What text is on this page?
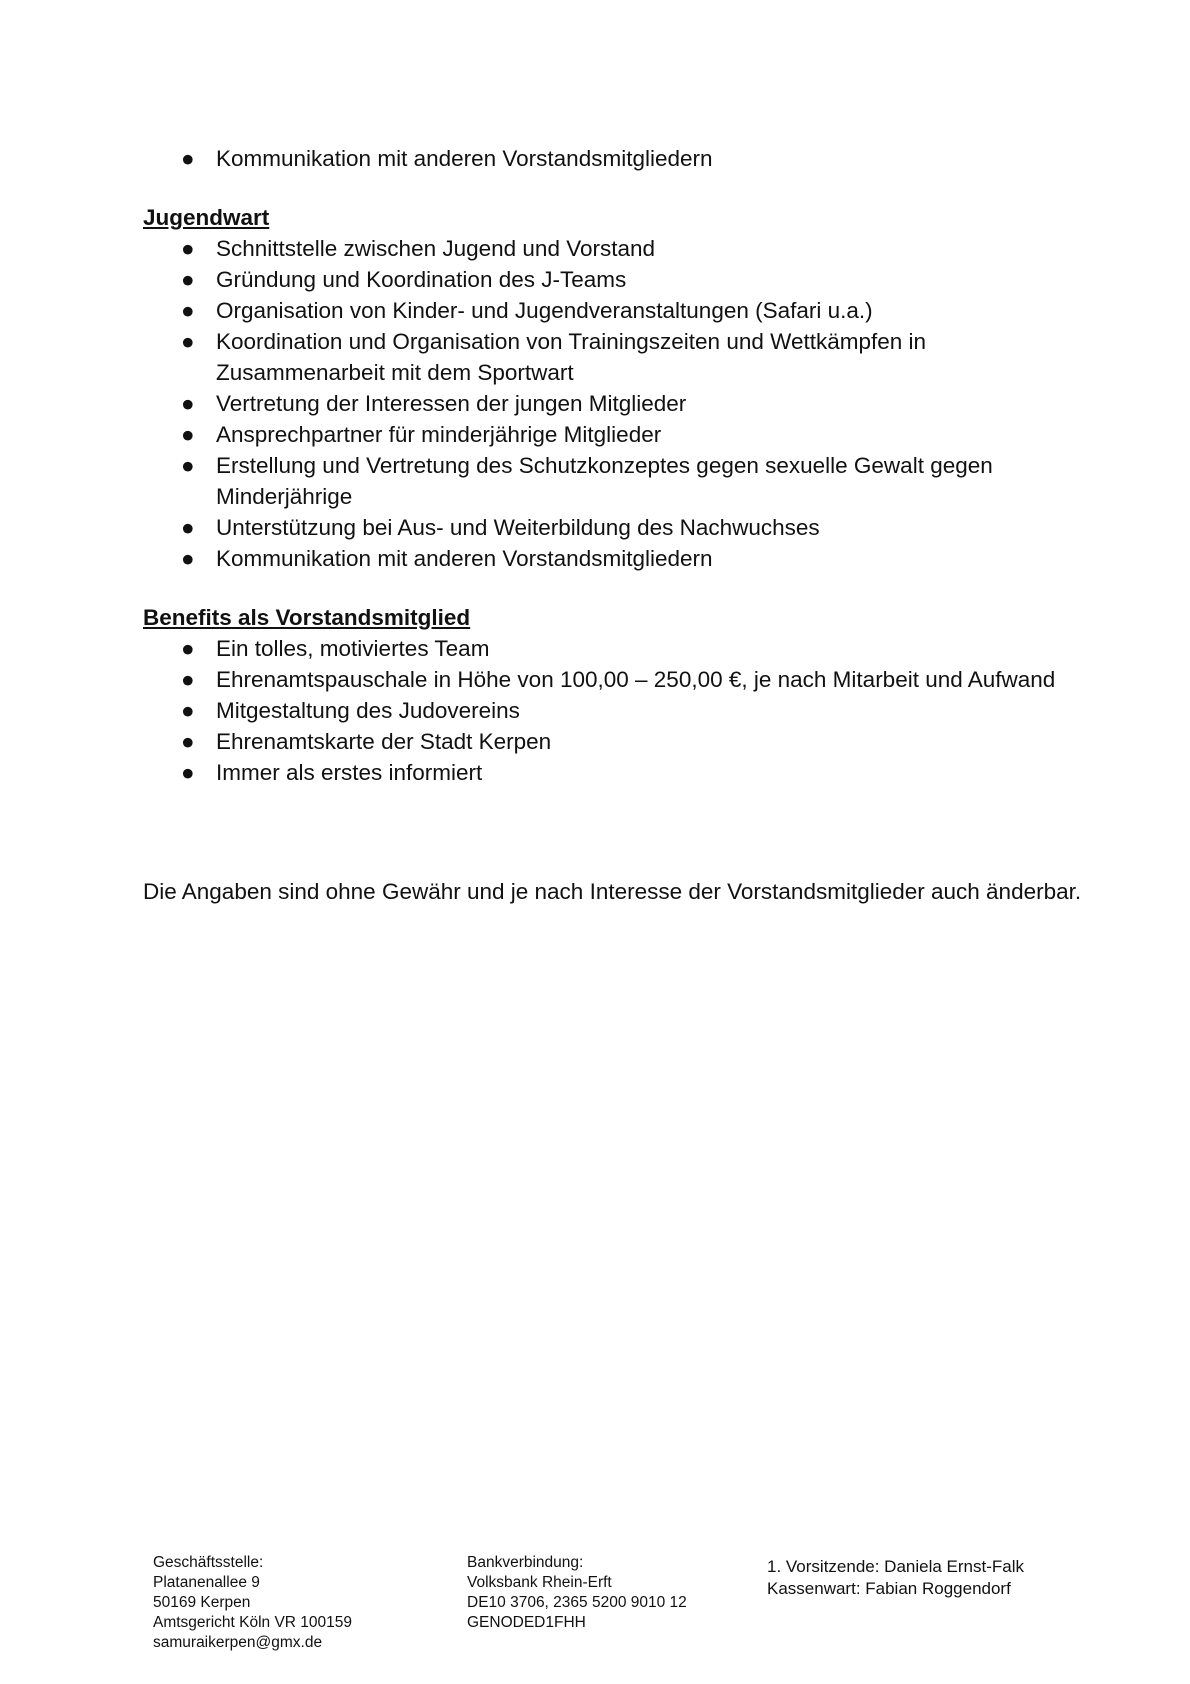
● Kommunikation mit anderen Vorstandsmitgliedern
Jugendwart
● Schnittstelle zwischen Jugend und Vorstand
● Gründung und Koordination des J-Teams
● Organisation von Kinder- und Jugendveranstaltungen (Safari u.a.)
● Koordination und Organisation von Trainingszeiten und Wettkämpfen in Zusammenarbeit mit dem Sportwart
● Vertretung der Interessen der jungen Mitglieder
● Ansprechpartner für minderjährige Mitglieder
● Erstellung und Vertretung des Schutzkonzeptes gegen sexuelle Gewalt gegen Minderjährige
● Unterstützung bei Aus- und Weiterbildung des Nachwuchses
● Kommunikation mit anderen Vorstandsmitgliedern
Benefits als Vorstandsmitglied
● Ein tolles, motiviertes Team
● Ehrenamtspauschale in Höhe von 100,00 – 250,00 €, je nach Mitarbeit und Aufwand
● Mitgestaltung des Judovereins
● Ehrenamtskarte der Stadt Kerpen
● Immer als erstes informiert
Die Angaben sind ohne Gewähr und je nach Interesse der Vorstandsmitglieder auch änderbar.
Geschäftsstelle:
Platanenallee 9
50169 Kerpen
Amtsgericht Köln VR 100159
samuraikerpen@gmx.de
Bankverbindung:
Volksbank Rhein-Erft
DE10 3706, 2365 5200 9010 12
GENODED1FHH
1. Vorsitzende: Daniela Ernst-Falk
Kassenwart: Fabian Roggendorf
